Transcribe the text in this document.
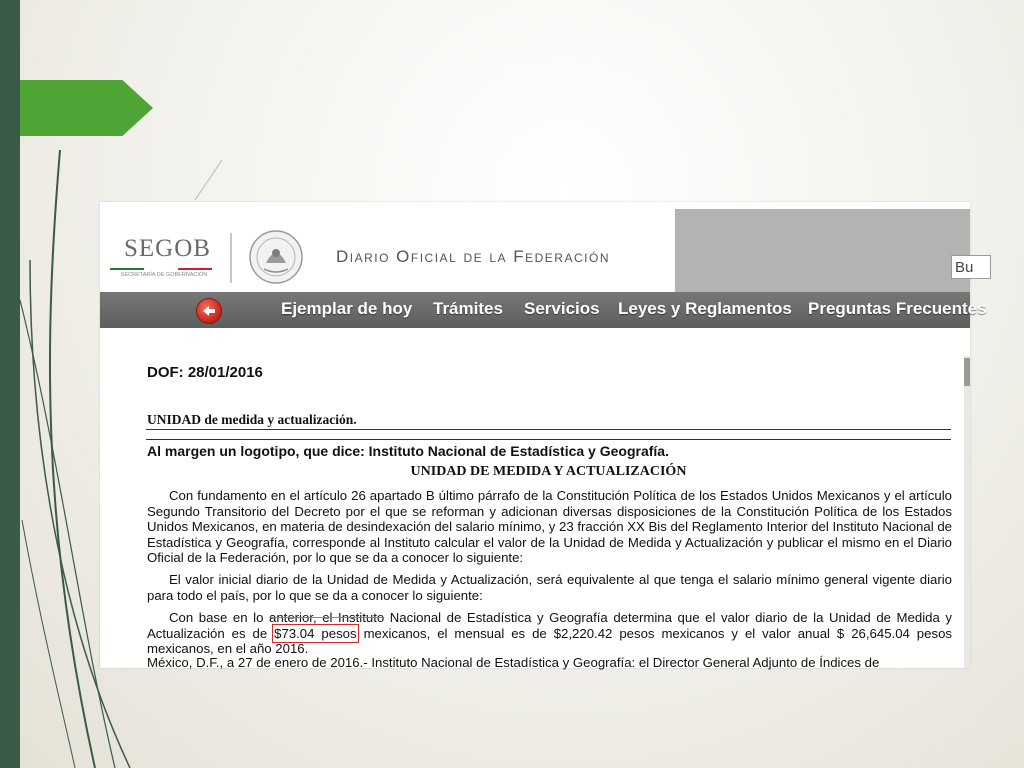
SEGOB
SECRETARÍA DE GOBERNACIÓN
Diario Oficial de la Federación
Bu
Ejemplar de hoy Trámites Servicios Leyes y Reglamentos Preguntas Frecuentes
DOF: 28/01/2016
UNIDAD de medida y actualización.
Al margen un logotipo, que dice: Instituto Nacional de Estadística y Geografía.
UNIDAD DE MEDIDA Y ACTUALIZACIÓN
Con fundamento en el artículo 26 apartado B último párrafo de la Constitución Política de los Estados Unidos Mexicanos y el artículo Segundo Transitorio del Decreto por el que se reforman y adicionan diversas disposiciones de la Constitución Política de los Estados Unidos Mexicanos, en materia de desindexación del salario mínimo, y 23 fracción XX Bis del Reglamento Interior del Instituto Nacional de Estadística y Geografía, corresponde al Instituto calcular el valor de la Unidad de Medida y Actualización y publicar el mismo en el Diario Oficial de la Federación, por lo que se da a conocer lo siguiente:
El valor inicial diario de la Unidad de Medida y Actualización, será equivalente al que tenga el salario mínimo general vigente diario para todo el país, por lo que se da a conocer lo siguiente:
Con base en lo anterior, el Instituto Nacional de Estadística y Geografía determina que el valor diario de la Unidad de Medida y Actualización es de $73.04 pesos mexicanos, el mensual es de $2,220.42 pesos mexicanos y el valor anual $ 26,645.04 pesos mexicanos, en el año 2016.
México, D.F., a 27 de enero de 2016.- Instituto Nacional de Estadística y Geografía: el Director General Adjunto de Índices de
